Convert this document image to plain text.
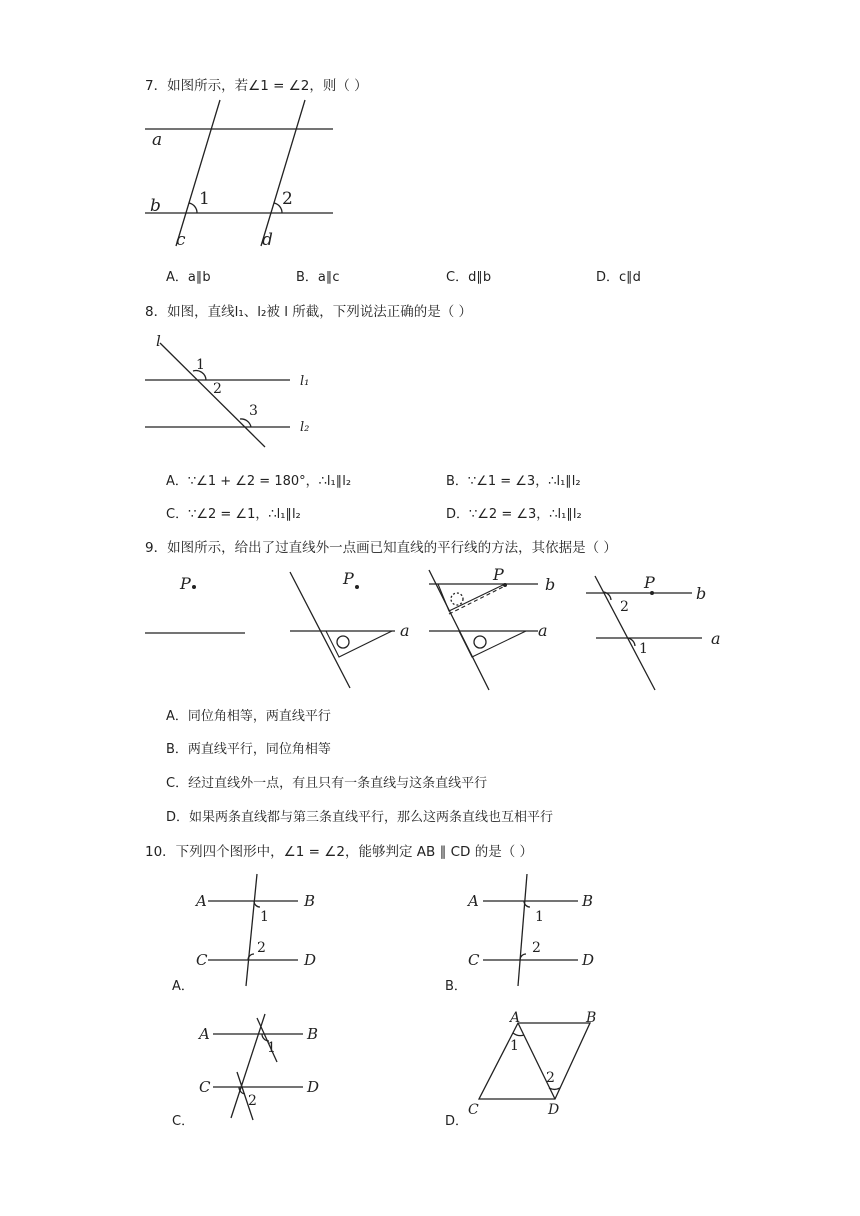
7．如图所示，若∠1 = ∠2，则（ ）
a
b
c	d
1	2
A．a∥b	B．a∥c	C．d∥b	D．c∥d
8．如图，直线l₁、l₂被 l 所截，下列说法正确的是（ ）
l
1
2
3
l₁
l₂
A．∵∠1 + ∠2 = 180°，∴l₁∥l₂	B．∵∠1 = ∠3，∴l₁∥l₂
C．∵∠2 = ∠1，∴l₁∥l₂	D．∵∠2 = ∠3，∴l₁∥l₂
9．如图所示，给出了过直线外一点画已知直线的平行线的方法，其依据是（ ）
P	P
a
P
b
a
P
b
a
2
1
A．同位角相等，两直线平行
B．两直线平行，同位角相等
C．经过直线外一点，有且只有一条直线与这条直线平行
D．如果两条直线都与第三条直线平行，那么这两条直线也互相平行
10．下列四个图形中，∠1 = ∠2，能够判定 AB ∥ CD 的是（ ）
A	B
C	D
1
2
A．
A	B
C	D
1
2
B．
A	B
C	D
1
2
C．
A	B
C	D
1
2
D．
